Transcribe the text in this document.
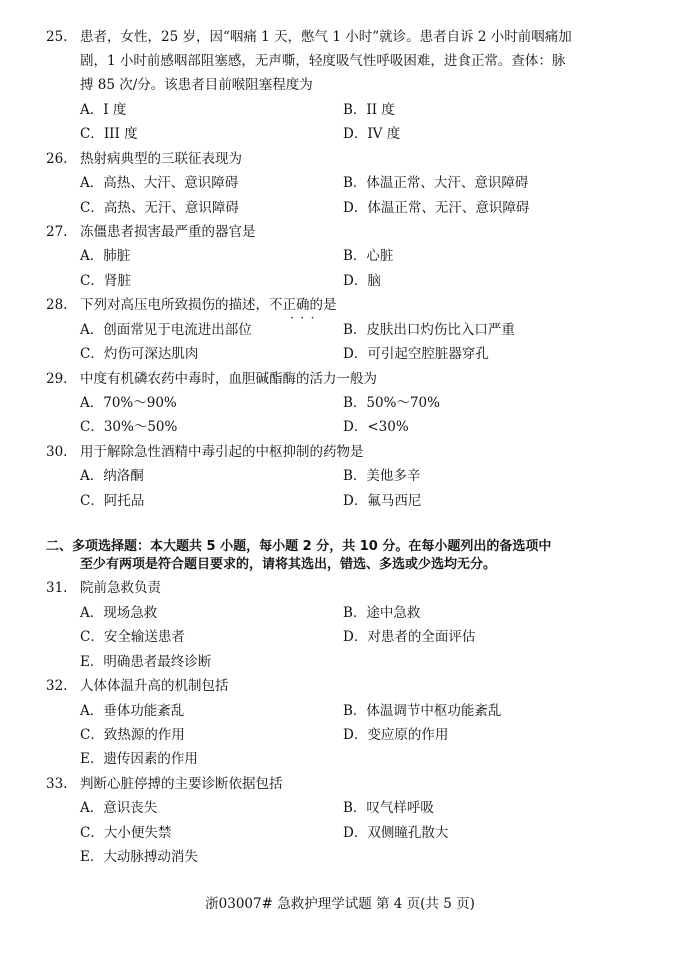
25. 患者，女性，25 岁，因“咽痛 1 天，憋气 1 小时”就诊。患者自诉 2 小时前咽痛加
剧，1 小时前感咽部阻塞感，无声嘶，轻度吸气性呼吸困难，进食正常。查体：脉
搏 85 次/分。该患者目前喉阻塞程度为
A．I 度	B．II 度
C．III 度	D．IV 度
26. 热射病典型的三联征表现为
A．高热、大汗、意识障碍	B．体温正常、大汗、意识障碍
C．高热、无汗、意识障碍	D．体温正常、无汗、意识障碍
27. 冻僵患者损害最严重的器官是
A．肺脏	B．心脏
C．肾脏	D．脑
28. 下列对高压电所致损伤的描述，不正确的是
···
A．创面常见于电流进出部位	B．皮肤出口灼伤比入口严重
C．灼伤可深达肌肉	D．可引起空腔脏器穿孔
29. 中度有机磷农药中毒时，血胆碱酯酶的活力一般为
A．70%～90%	B．50%～70%
C．30%～50%	D．<30%
30. 用于解除急性酒精中毒引起的中枢抑制的药物是
A．纳洛酮	B．美他多辛
C．阿托品	D．氟马西尼
二、多项选择题：本大题共 5 小题，每小题 2 分，共 10 分。在每小题列出的备选项中
至少有两项是符合题目要求的，请将其选出，错选、多选或少选均无分。
31. 院前急救负责
A．现场急救	B．途中急救
C．安全输送患者	D．对患者的全面评估
E．明确患者最终诊断
32. 人体体温升高的机制包括
A．垂体功能紊乱	B．体温调节中枢功能紊乱
C．致热源的作用	D．变应原的作用
E．遗传因素的作用
33. 判断心脏停搏的主要诊断依据包括
A．意识丧失	B．叹气样呼吸
C．大小便失禁	D．双侧瞳孔散大
E．大动脉搏动消失
浙03007# 急救护理学试题 第 4 页(共 5 页)
